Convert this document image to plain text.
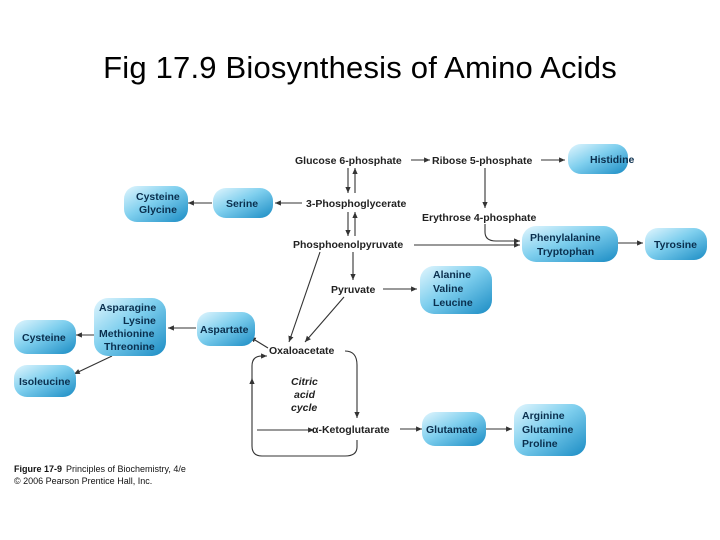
Fig 17.9 Biosynthesis of Amino Acids
Glucose 6-phosphate	Ribose 5-phosphate
3-Phosphoglycerate
Erythrose 4-phosphate
Phosphoenolpyruvate
Pyruvate
Oxaloacetate
Citric
acid
cycle
α-Ketoglutarate
Histidine
Cysteine
Glycine	Serine
Phenylalanine
Tryptophan
Tyrosine
Alanine
Valine
Leucine
Aspartate
Asparagine
Lysine
Methionine
Threonine
Cysteine
Isoleucine
Glutamate
Arginine
Glutamine
Proline
Figure 17-9 Principles of Biochemistry, 4/e
© 2006 Pearson Prentice Hall, Inc.
